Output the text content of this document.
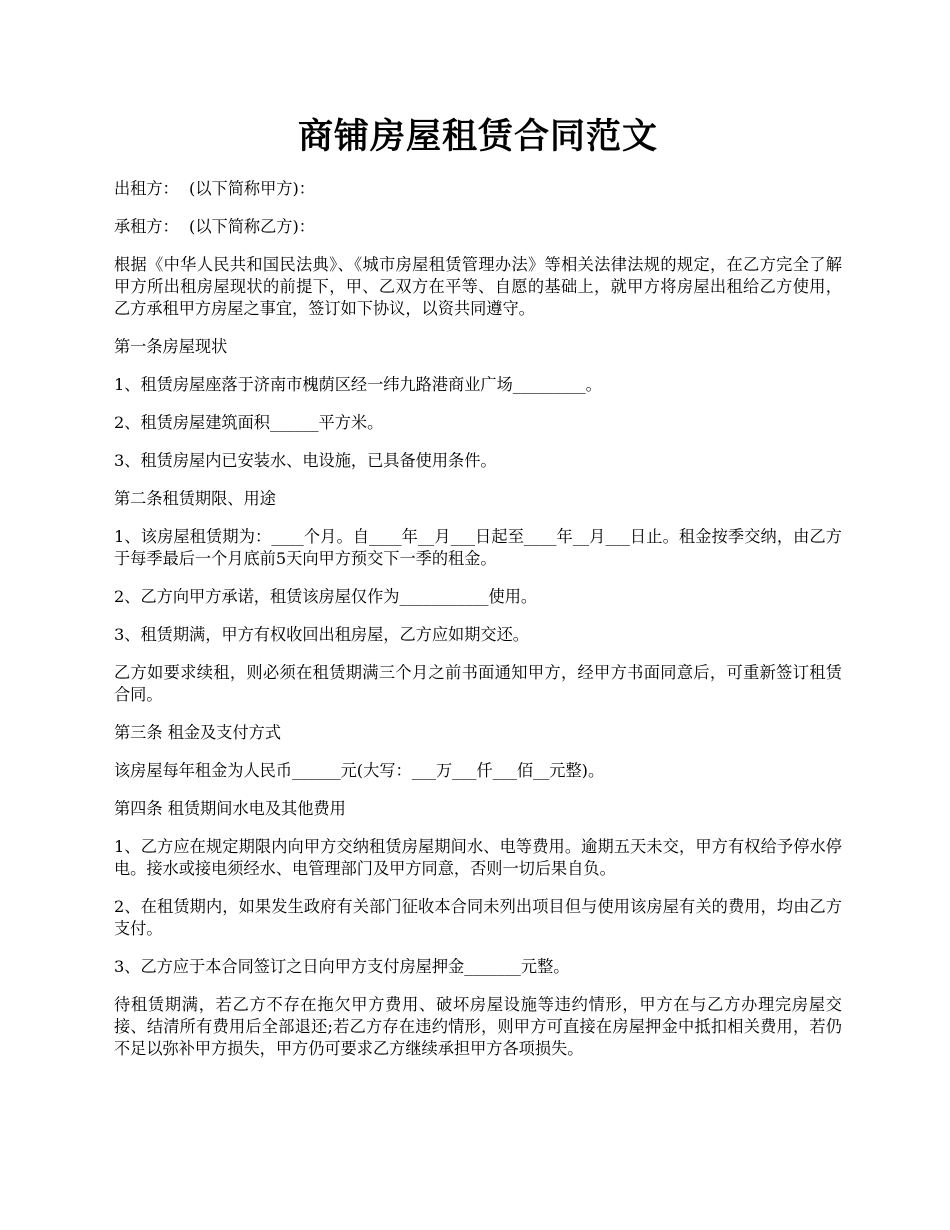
商铺房屋租赁合同范文

出租方：  (以下简称甲方)：

承租方：  (以下简称乙方)：

根据《中华人民共和国民法典》、《城市房屋租赁管理办法》等相关法律法规的规定，在乙方完全了解甲方所出租房屋现状的前提下，甲、乙双方在平等、自愿的基础上，就甲方将房屋出租给乙方使用，乙方承租甲方房屋之事宜，签订如下协议，以资共同遵守。

第一条房屋现状

1、租赁房屋座落于济南市槐荫区经一纬九路港商业广场_________。

2、租赁房屋建筑面积______平方米。

3、租赁房屋内已安装水、电设施，已具备使用条件。

第二条租赁期限、用途

1、该房屋租赁期为：____个月。自____年__月___日起至____年__月___日止。租金按季交纳，由乙方于每季最后一个月底前5天向甲方预交下一季的租金。

2、乙方向甲方承诺，租赁该房屋仅作为___________使用。

3、租赁期满，甲方有权收回出租房屋，乙方应如期交还。

乙方如要求续租，则必须在租赁期满三个月之前书面通知甲方，经甲方书面同意后，可重新签订租赁合同。

第三条 租金及支付方式

该房屋每年租金为人民币______元(大写：___万___仟___佰__元整)。

第四条 租赁期间水电及其他费用

1、乙方应在规定期限内向甲方交纳租赁房屋期间水、电等费用。逾期五天未交，甲方有权给予停水停电。接水或接电须经水、电管理部门及甲方同意，否则一切后果自负。

2、在租赁期内，如果发生政府有关部门征收本合同未列出项目但与使用该房屋有关的费用，均由乙方支付。

3、乙方应于本合同签订之日向甲方支付房屋押金_______元整。

待租赁期满，若乙方不存在拖欠甲方费用、破坏房屋设施等违约情形，甲方在与乙方办理完房屋交接、结清所有费用后全部退还;若乙方存在违约情形，则甲方可直接在房屋押金中抵扣相关费用，若仍不足以弥补甲方损失，甲方仍可要求乙方继续承担甲方各项损失。
